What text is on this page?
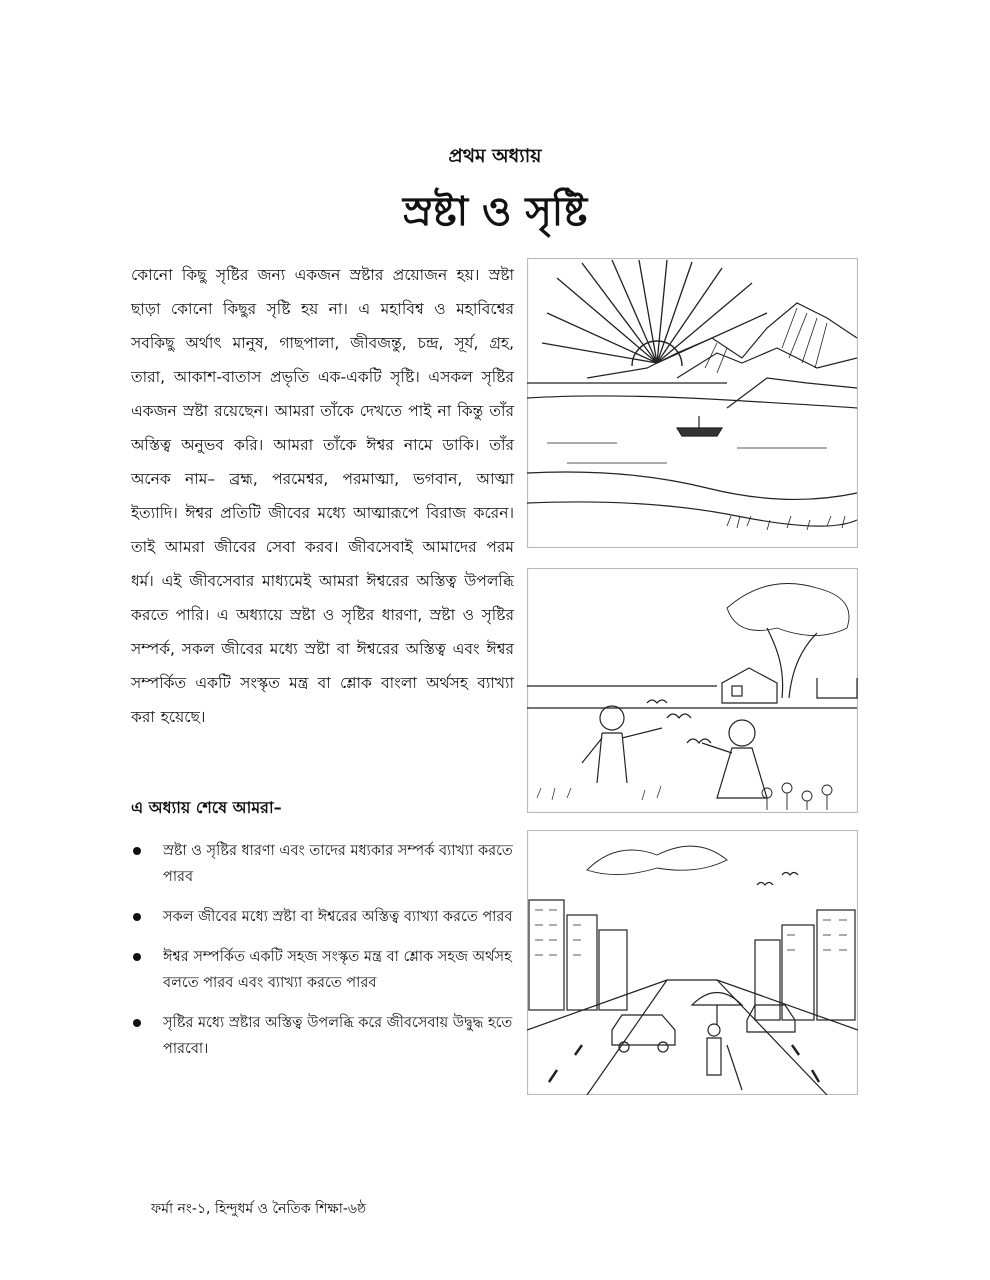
প্রথম অধ্যায়
স্রষ্টা ও সৃষ্টি

কোনো কিছু সৃষ্টির জন্য একজন স্রষ্টার প্রয়োজন হয়। স্রষ্টা ছাড়া কোনো কিছুর সৃষ্টি হয় না। এ মহাবিশ্ব ও মহাবিশ্বের সবকিছু অর্থাৎ মানুষ, গাছপালা, জীবজন্তু, চন্দ্র, সূর্য, গ্রহ, তারা, আকাশ-বাতাস প্রভৃতি এক-একটি সৃষ্টি। এসকল সৃষ্টির একজন স্রষ্টা রয়েছেন। আমরা তাঁকে দেখতে পাই না কিন্তু তাঁর অস্তিত্ব অনুভব করি। আমরা তাঁকে ঈশ্বর নামে ডাকি। তাঁর অনেক নাম– ব্রহ্ম, পরমেশ্বর, পরমাত্মা, ভগবান, আত্মা ইত্যাদি। ঈশ্বর প্রতিটি জীবের মধ্যে আত্মারূপে বিরাজ করেন। তাই আমরা জীবের সেবা করব। জীবসেবাই আমাদের পরম ধর্ম। এই জীবসেবার মাধ্যমেই আমরা ঈশ্বরের অস্তিত্ব উপলব্ধি করতে পারি। এ অধ্যায়ে স্রষ্টা ও সৃষ্টির ধারণা, স্রষ্টা ও সৃষ্টির সম্পর্ক, সকল জীবের মধ্যে স্রষ্টা বা ঈশ্বরের অস্তিত্ব এবং ঈশ্বর সম্পর্কিত একটি সংস্কৃত মন্ত্র বা শ্লোক বাংলা অর্থসহ ব্যাখ্যা করা হয়েছে।

এ অধ্যায় শেষে আমরা–
স্রষ্টা ও সৃষ্টির ধারণা এবং তাদের মধ্যকার সম্পর্ক ব্যাখ্যা করতে পারব
সকল জীবের মধ্যে স্রষ্টা বা ঈশ্বরের অস্তিত্ব ব্যাখ্যা করতে পারব
ঈশ্বর সম্পর্কিত একটি সহজ সংস্কৃত মন্ত্র বা শ্লোক সহজ অর্থসহ বলতে পারব এবং ব্যাখ্যা করতে পারব
সৃষ্টির মধ্যে স্রষ্টার অস্তিত্ব উপলব্ধি করে জীবসেবায় উদ্বুদ্ধ হতে পারবো।
ফর্মা নং-১, হিন্দুধর্ম ও নৈতিক শিক্ষা-৬ষ্ঠ
